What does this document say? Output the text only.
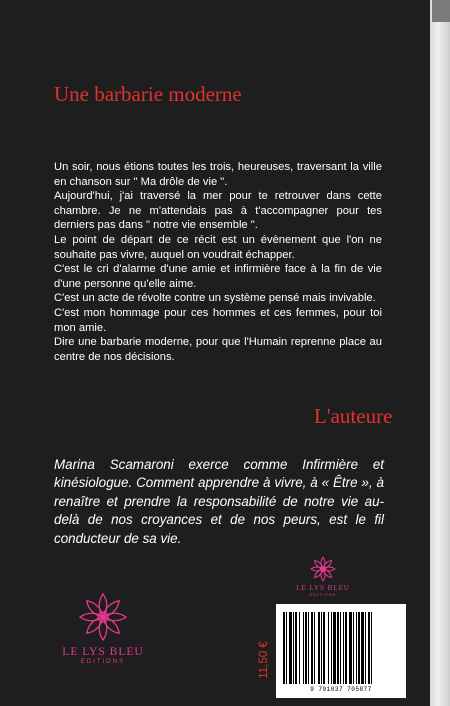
Une barbarie moderne

Un soir, nous étions toutes les trois, heureuses, traversant la ville en chanson sur " Ma drôle de vie ".

Aujourd'hui, j'ai traversé la mer pour te retrouver dans cette chambre. Je ne m'attendais pas à t'accompagner pour tes derniers pas dans " notre vie ensemble ".

Le point de départ de ce récit est un évènement que l'on ne souhaite pas vivre, auquel on voudrait échapper.

C'est le cri d'alarme d'une amie et infirmière face à la fin de vie d'une personne qu'elle aime.

C'est un acte de révolte contre un système pensé mais invivable.

C'est mon hommage pour ces hommes et ces femmes, pour toi mon amie.

Dire une barbarie moderne, pour que l'Humain reprenne place au centre de nos décisions.

L'auteure
Marina Scamaroni exerce comme Infirmière et kinésiologue. Comment apprendre à vivre, à « Être », à renaître et prendre la responsabilité de notre vie au-delà de nos croyances et de nos peurs, est le fil conducteur de sa vie.
LE LYS BLEU
ÉDITIONS
LE LYS BLEU
ÉDITIONS
11,50 €
9 791037 705877
